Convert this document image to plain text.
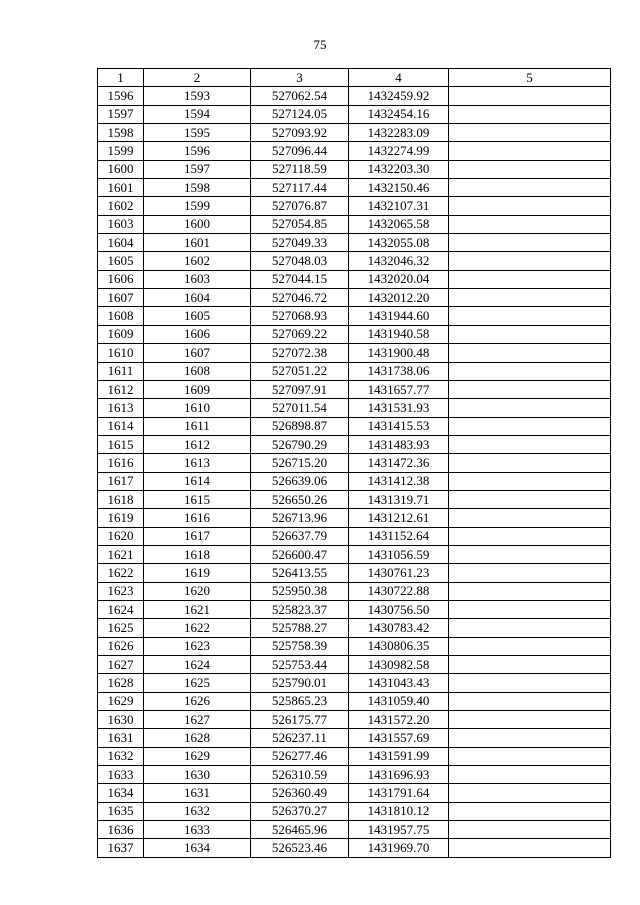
75
1	2	3	4	5
1596	1593	527062.54	1432459.92	
1597	1594	527124.05	1432454.16	
1598	1595	527093.92	1432283.09	
1599	1596	527096.44	1432274.99	
1600	1597	527118.59	1432203.30	
1601	1598	527117.44	1432150.46	
1602	1599	527076.87	1432107.31	
1603	1600	527054.85	1432065.58	
1604	1601	527049.33	1432055.08	
1605	1602	527048.03	1432046.32	
1606	1603	527044.15	1432020.04	
1607	1604	527046.72	1432012.20	
1608	1605	527068.93	1431944.60	
1609	1606	527069.22	1431940.58	
1610	1607	527072.38	1431900.48	
1611	1608	527051.22	1431738.06	
1612	1609	527097.91	1431657.77	
1613	1610	527011.54	1431531.93	
1614	1611	526898.87	1431415.53	
1615	1612	526790.29	1431483.93	
1616	1613	526715.20	1431472.36	
1617	1614	526639.06	1431412.38	
1618	1615	526650.26	1431319.71	
1619	1616	526713.96	1431212.61	
1620	1617	526637.79	1431152.64	
1621	1618	526600.47	1431056.59	
1622	1619	526413.55	1430761.23	
1623	1620	525950.38	1430722.88	
1624	1621	525823.37	1430756.50	
1625	1622	525788.27	1430783.42	
1626	1623	525758.39	1430806.35	
1627	1624	525753.44	1430982.58	
1628	1625	525790.01	1431043.43	
1629	1626	525865.23	1431059.40	
1630	1627	526175.77	1431572.20	
1631	1628	526237.11	1431557.69	
1632	1629	526277.46	1431591.99	
1633	1630	526310.59	1431696.93	
1634	1631	526360.49	1431791.64	
1635	1632	526370.27	1431810.12	
1636	1633	526465.96	1431957.75	
1637	1634	526523.46	1431969.70	
